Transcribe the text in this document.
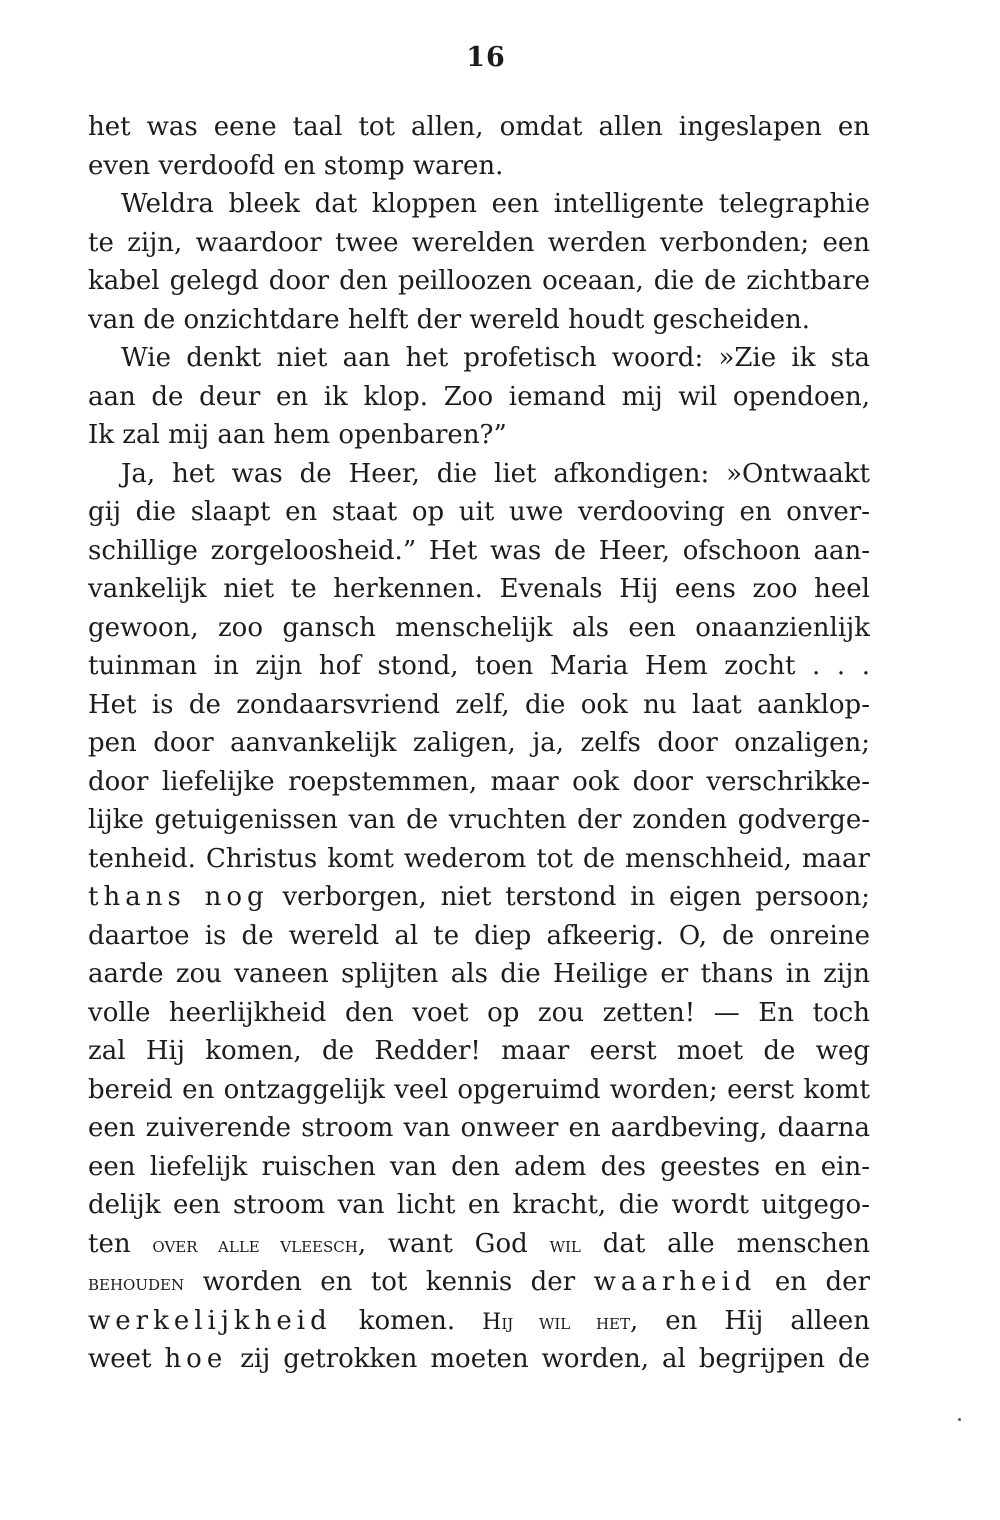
16
het was eene taal tot allen, omdat allen ingeslapen en
even verdoofd en stomp waren.
Weldra bleek dat kloppen een intelligente telegraphie
te zijn, waardoor twee werelden werden verbonden; een
kabel gelegd door den peilloozen oceaan, die de zichtbare
van de onzichtdare helft der wereld houdt gescheiden.
Wie denkt niet aan het profetisch woord: »Zie ik sta
aan de deur en ik klop. Zoo iemand mij wil opendoen,
Ik zal mij aan hem openbaren?”
Ja, het was de Heer, die liet afkondigen: »Ontwaakt
gij die slaapt en staat op uit uwe verdooving en onver-
schillige zorgeloosheid.” Het was de Heer, ofschoon aan-
vankelijk niet te herkennen. Evenals Hij eens zoo heel
gewoon, zoo gansch menschelijk als een onaanzienlijk
tuinman in zijn hof stond, toen Maria Hem zocht . . .
Het is de zondaarsvriend zelf, die ook nu laat aanklop-
pen door aanvankelijk zaligen, ja, zelfs door onzaligen;
door liefelijke roepstemmen, maar ook door verschrikke-
lijke getuigenissen van de vruchten der zonden godverge-
tenheid. Christus komt wederom tot de menschheid, maar
thans nog verborgen, niet terstond in eigen persoon;
daartoe is de wereld al te diep afkeerig. O, de onreine
aarde zou vaneen splijten als die Heilige er thans in zijn
volle heerlijkheid den voet op zou zetten! — En toch
zal Hij komen, de Redder! maar eerst moet de weg
bereid en ontzaggelijk veel opgeruimd worden; eerst komt
een zuiverende stroom van onweer en aardbeving, daarna
een liefelijk ruischen van den adem des geestes en ein-
delijk een stroom van licht en kracht, die wordt uitgego-
ten over alle vleesch, want God wil dat alle menschen
behouden worden en tot kennis der waarheid en der
werkelijkheid komen. Hij wil het, en Hij alleen
weet hoe zij getrokken moeten worden, al begrijpen de
